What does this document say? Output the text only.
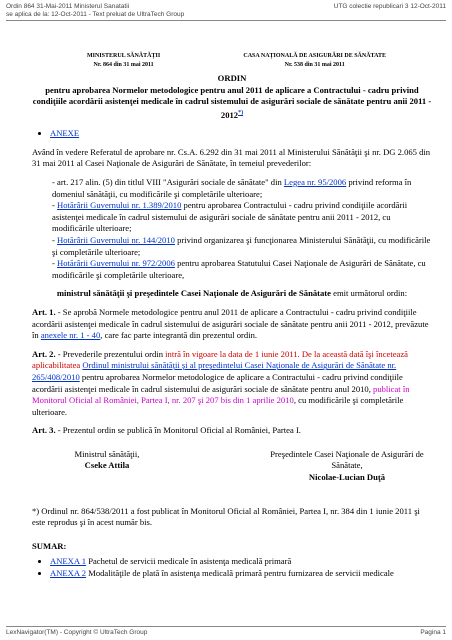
Ordin 864 31-Mai-2011 Ministerul Sanatatii
se aplica de la: 12-Oct-2011 - Text preluat de UltraTech Group
UTG colectie republicari 3 12-Oct-2011
MINISTERUL SĂNĂTĂŢII
Nr. 864 din 31 mai 2011
CASA NAŢIONALĂ DE ASIGURĂRI DE SĂNĂTATE
Nr. 538 din 31 mai 2011
ORDIN
pentru aprobarea Normelor metodologice pentru anul 2011 de aplicare a Contractului - cadru privind condiţiile acordării asistenţei medicale în cadrul sistemului de asigurări sociale de sănătate pentru anii 2011 - 2012*)
• ANEXE

Având în vedere Referatul de aprobare nr. Cs.A. 6.292 din 31 mai 2011 al Ministerului Sănătăţii şi nr. DG 2.065 din 31 mai 2011 al Casei Naţionale de Asigurări de Sănătate, în temeiul prevederilor:

- art. 217 alin. (5) din titlul VIII "Asigurări sociale de sănătate" din Legea nr. 95/2006 privind reforma în domeniul sănătăţii, cu modificările şi completările ulterioare;

- Hotărârii Guvernului nr. 1.389/2010 pentru aprobarea Contractului - cadru privind condiţiile acordării asistenţei medicale în cadrul sistemului de asigurări sociale de sănătate pentru anii 2011 - 2012, cu modificările ulterioare;

- Hotărârii Guvernului nr. 144/2010 privind organizarea şi funcţionarea Ministerului Sănătăţii, cu modificările şi completările ulterioare;

- Hotărârii Guvernului nr. 972/2006 pentru aprobarea Statutului Casei Naţionale de Asigurări de Sănătate, cu modificările şi completările ulterioare,

ministrul sănătăţii şi preşedintele Casei Naţionale de Asigurări de Sănătate emit următorul ordin:

Art. 1. - Se aprobă Normele metodologice pentru anul 2011 de aplicare a Contractului - cadru privind condiţiile acordării asistenţei medicale în cadrul sistemului de asigurări sociale de sănătate pentru anii 2011 - 2012, prevăzute în anexele nr. 1 - 40, care fac parte integrantă din prezentul ordin.

Art. 2. - Prevederile prezentului ordin intră în vigoare la data de 1 iunie 2011. De la această dată îşi încetează aplicabilitatea Ordinul ministrului sănătăţii şi al preşedintelui Casei Naţionale de Asigurări de Sănătate nr. 265/408/2010 pentru aprobarea Normelor metodologice de aplicare a Contractului - cadru privind condiţiile acordării asistenţei medicale în cadrul sistemului de asigurări sociale de sănătate pentru anul 2010, publicat în Monitorul Oficial al României, Partea I, nr. 207 şi 207 bis din 1 aprilie 2010, cu modificările şi completările ulterioare.

Art. 3. - Prezentul ordin se publică în Monitorul Oficial al României, Partea I.

Ministrul sănătăţii,
Cseke Attila
Preşedintele Casei Naţionale de Asigurări de Sănătate,
Nicolae-Lucian Duţă

*) Ordinul nr. 864/538/2011 a fost publicat în Monitorul Oficial al României, Partea I, nr. 384 din 1 iunie 2011 şi este reprodus şi în acest număr bis.

SUMAR:

• ANEXA 1 Pachetul de servicii medicale în asistenţa medicală primară
• ANEXA 2 Modalităţile de plată în asistenţa medicală primară pentru furnizarea de servicii medicale
LexNavigator(TM) - Copyright © UltraTech Group	Pagina 1
